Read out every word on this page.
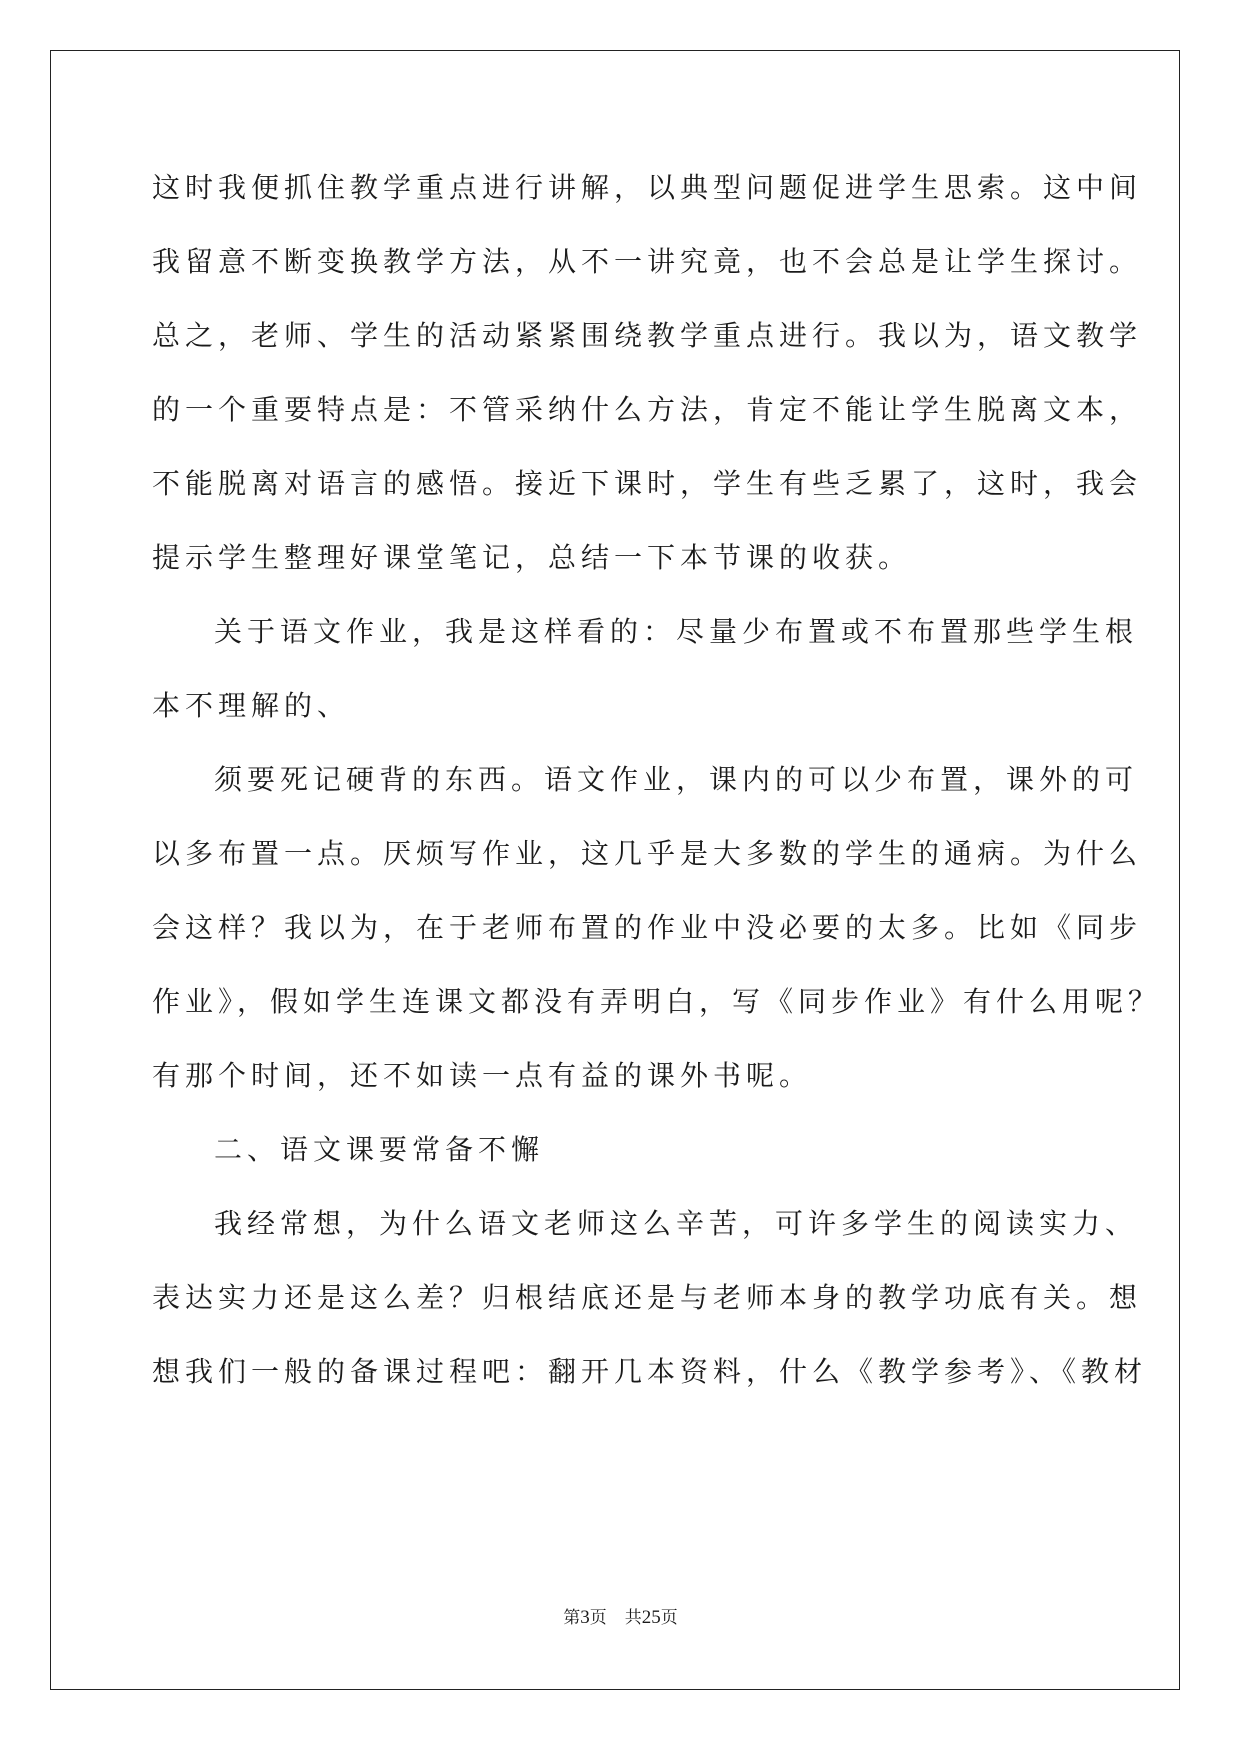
这时我便抓住教学重点进行讲解，以典型问题促进学生思索。这中间
我留意不断变换教学方法，从不一讲究竟，也不会总是让学生探讨。
总之，老师、学生的活动紧紧围绕教学重点进行。我以为，语文教学
的一个重要特点是：不管采纳什么方法，肯定不能让学生脱离文本，
不能脱离对语言的感悟。接近下课时，学生有些乏累了，这时，我会
提示学生整理好课堂笔记，总结一下本节课的收获。
关于语文作业，我是这样看的：尽量少布置或不布置那些学生根
本不理解的、
须要死记硬背的东西。语文作业，课内的可以少布置，课外的可
以多布置一点。厌烦写作业，这几乎是大多数的学生的通病。为什么
会这样？我以为，在于老师布置的作业中没必要的太多。比如《同步
作业》，假如学生连课文都没有弄明白，写《同步作业》有什么用呢？
有那个时间，还不如读一点有益的课外书呢。
二、语文课要常备不懈
我经常想，为什么语文老师这么辛苦，可许多学生的阅读实力、
表达实力还是这么差？归根结底还是与老师本身的教学功底有关。想
想我们一般的备课过程吧：翻开几本资料，什么《教学参考》、《教材
第3页 共25页
